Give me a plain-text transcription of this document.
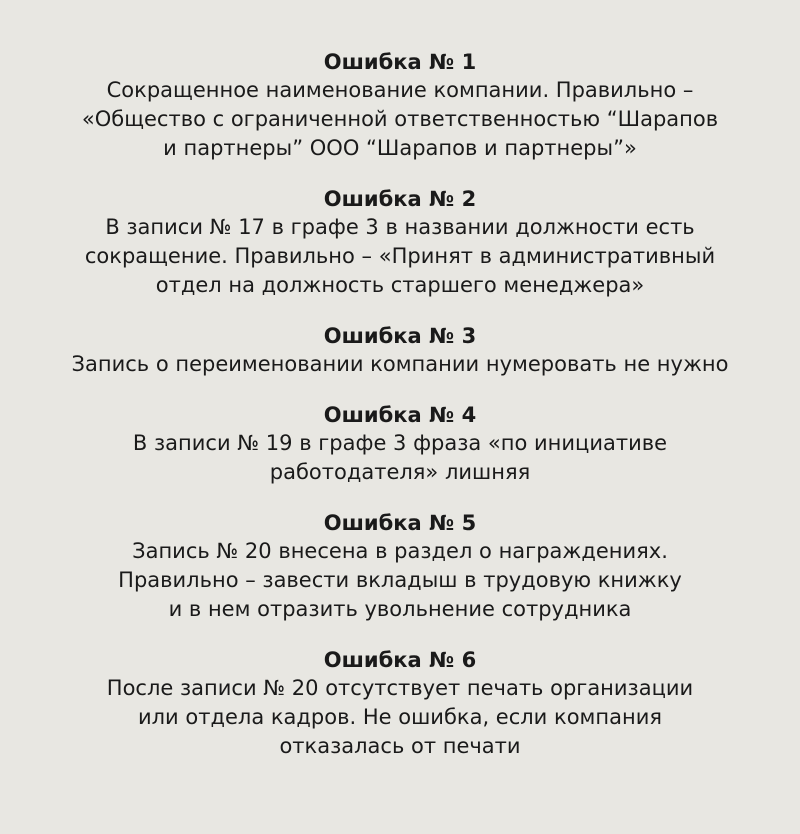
Ошибка № 1

Сокращенное наименование компании. Правильно –
«Общество с ограниченной ответственностью “Шарапов
и партнеры” ООО “Шарапов и партнеры”»

Ошибка № 2

В записи № 17 в графе 3 в названии должности есть
сокращение. Правильно – «Принят в административный
отдел на должность старшего менеджера»

Ошибка № 3

Запись о переименовании компании нумеровать не нужно

Ошибка № 4

В записи № 19 в графе 3 фраза «по инициативе
работодателя» лишняя

Ошибка № 5

Запись № 20 внесена в раздел о награждениях.
Правильно – завести вкладыш в трудовую книжку
и в нем отразить увольнение сотрудника

Ошибка № 6

После записи № 20 отсутствует печать организации
или отдела кадров. Не ошибка, если компания
отказалась от печати
